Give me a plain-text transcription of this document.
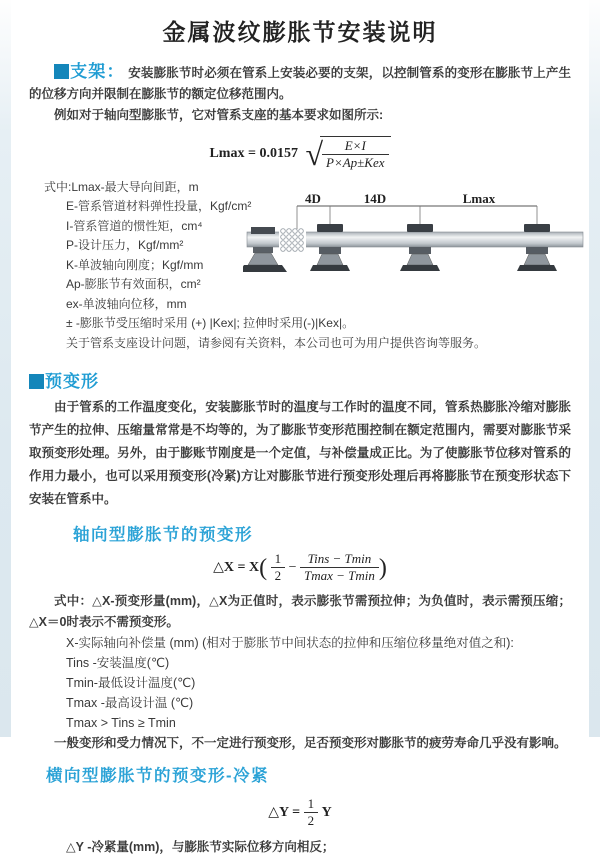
金属波纹膨胀节安装说明

支架： 安装膨胀节时必须在管系上安装必要的支架，以控制管系的变形在膨胀节上产生的位移方向并限制在膨胀节的额定位移范围内。

例如对于轴向型膨胀节，它对管系支座的基本要求如图所示:

Lmax = 0.0157 √ $\frac{E\times I}{\text{P×Ap±Kex}}$
式中:Lmax-最大导向间距，m
E-管系管道材料弹性投量，Kgf/cm²
I-管系管道的惯性矩，cm⁴
P-设计压力，Kgf/mm²
K-单波轴向刚度；Kgf/mm
Ap-膨胀节有效面积，cm²
ex-单波轴向位移，mm
± -膨胀节受压缩时采用 (+) |Kex|; 拉伸时采用(-)|Kex|。
关于管系支座设计问题，请参阅有关资料，本公司也可为用户提供咨询等服务。
4D	14D	Lmax
预变形

由于管系的工作温度变化，安装膨胀节时的温度与工作时的温度不同，管系热膨胀冷缩对膨胀节产生的拉伸、压缩量常常是不均等的，为了膨胀节变形范围控制在额定范围内，需要对膨胀节采取预变形处理。另外，由于膨账节刚度是一个定值，与补偿量成正比。为了使膨胀节位移对管系的作用力最小，也可以采用预变形(冷紧)方让对膨胀节进行预变形处理后再将膨胀节在预变形状态下安装在管系中。

轴向型膨胀节的预变形
△X = $X( \frac{1}{2} - \frac{\text{Tins − Tmin}}{Tmax - Tmin}$ )

式中：△X-预变形量(mm)，△X为正值时，表示膨张节需预拉伸；为负值时，表示需预压缩；△X＝0时表示不需预变形。

X-实际轴向补偿量 (mm) (相对于膨胀节中间状态的拉伸和压缩位移量绝对值之和):
Tins -安装温度(℃)
Tmin-最低设计温度(℃)
Tmax -最高设计温 (℃)
Tmax > Tins ≥ Tmin

一般变形和受力情况下，不一定进行预变形，足否预变形对膨胀节的疲劳寿命几乎没有影响。

横向型膨胀节的预变形-冷紧
△Y = $\frac{1}{2}$ Y

△Y -冷紧量(mm)，与膨胀节实际位移方向相反；
